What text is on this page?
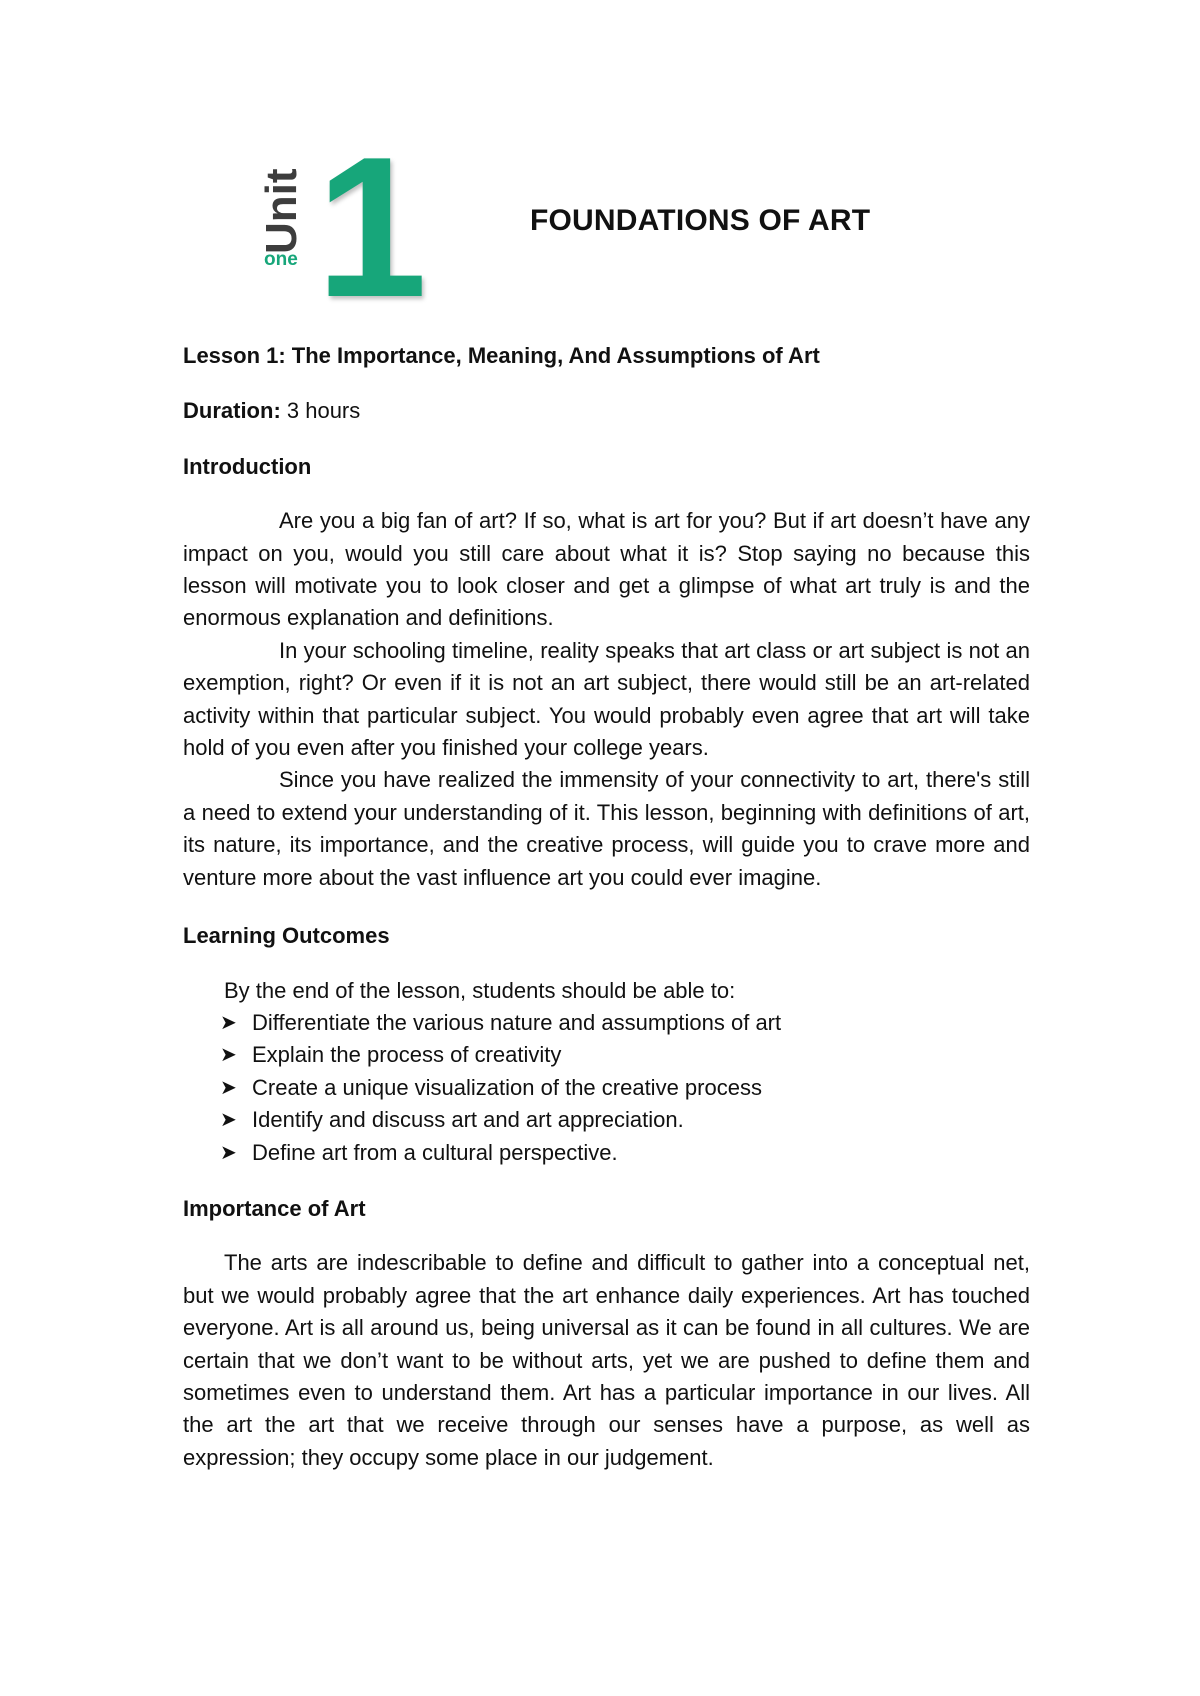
Unit
one 1	FOUNDATIONS OF ART

Lesson 1: The Importance, Meaning, And Assumptions of Art

Duration: 3 hours

Introduction

Are you a big fan of art? If so, what is art for you? But if art doesn’t have any impact on you, would you still care about what it is? Stop saying no because this lesson will motivate you to look closer and get a glimpse of what art truly is and the enormous explanation and definitions.

In your schooling timeline, reality speaks that art class or art subject is not an exemption, right? Or even if it is not an art subject, there would still be an art-related activity within that particular subject. You would probably even agree that art will take hold of you even after you finished your college years.

Since you have realized the immensity of your connectivity to art, there's still a need to extend your understanding of it. This lesson, beginning with definitions of art, its nature, its importance, and the creative process, will guide you to crave more and venture more about the vast influence art you could ever imagine.

Learning Outcomes

By the end of the lesson, students should be able to:

➤ Differentiate the various nature and assumptions of art
➤ Explain the process of creativity
➤ Create a unique visualization of the creative process
➤ Identify and discuss art and art appreciation.
➤ Define art from a cultural perspective.

Importance of Art

The arts are indescribable to define and difficult to gather into a conceptual net, but we would probably agree that the art enhance daily experiences. Art has touched everyone. Art is all around us, being universal as it can be found in all cultures. We are certain that we don’t want to be without arts, yet we are pushed to define them and sometimes even to understand them. Art has a particular importance in our lives. All the art the art that we receive through our senses have a purpose, as well as expression; they occupy some place in our judgement.
